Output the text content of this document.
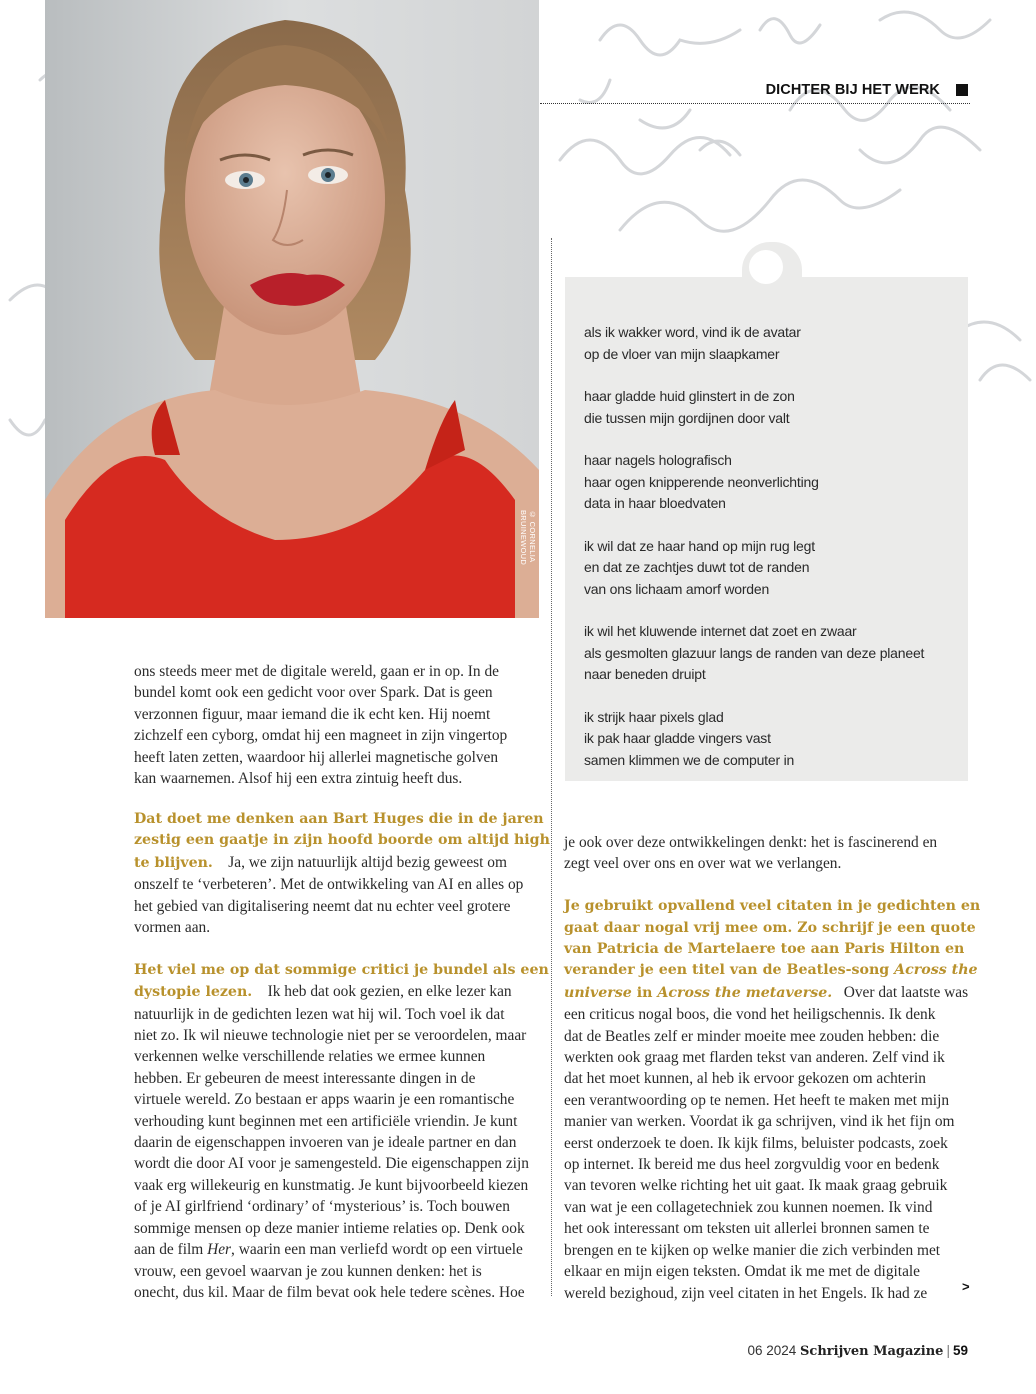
© CORNELIA BRUINEWOUD
DICHTER BIJ HET WERK

als ik wakker word, vind ik de avatar

op de vloer van mijn slaapkamer

haar gladde huid glinstert in de zon

die tussen mijn gordijnen door valt

haar nagels holografisch

haar ogen knipperende neonverlichting

data in haar bloedvaten

ik wil dat ze haar hand op mijn rug legt

en dat ze zachtjes duwt tot de randen

van ons lichaam amorf worden

ik wil het kluwende internet dat zoet en zwaar

als gesmolten glazuur langs de randen van deze planeet

naar beneden druipt

ik strijk haar pixels glad

ik pak haar gladde vingers vast

samen klimmen we de computer in

ons steeds meer met de digitale wereld, gaan er in op. In de

bundel komt ook een gedicht voor over Spark. Dat is geen

verzonnen figuur, maar iemand die ik echt ken. Hij noemt

zichzelf een cyborg, omdat hij een magneet in zijn vingertop

heeft laten zetten, waardoor hij allerlei magnetische golven

kan waarnemen. Alsof hij een extra zintuig heeft dus.

Dat doet me denken aan Bart Huges die in de jaren

zestig een gaatje in zijn hoofd boorde om altijd high

te blijven. Ja, we zijn natuurlijk altijd bezig geweest om

onszelf te ‘verbeteren’. Met de ontwikkeling van AI en alles op

het gebied van digitalisering neemt dat nu echter veel grotere

vormen aan.

Het viel me op dat sommige critici je bundel als een

dystopie lezen. Ik heb dat ook gezien, en elke lezer kan

natuurlijk in de gedichten lezen wat hij wil. Toch voel ik dat

niet zo. Ik wil nieuwe technologie niet per se veroordelen, maar

verkennen welke verschillende relaties we ermee kunnen

hebben. Er gebeuren de meest interessante dingen in de

virtuele wereld. Zo bestaan er apps waarin je een romantische

verhouding kunt beginnen met een artificiële vriendin. Je kunt

daarin de eigenschappen invoeren van je ideale partner en dan

wordt die door AI voor je samengesteld. Die eigenschappen zijn

vaak erg willekeurig en kunstmatig. Je kunt bijvoorbeeld kiezen

of je AI girlfriend ‘ordinary’ of ‘mysterious’ is. Toch bouwen

sommige mensen op deze manier intieme relaties op. Denk ook

aan de film Her, waarin een man verliefd wordt op een virtuele

vrouw, een gevoel waarvan je zou kunnen denken: het is

onecht, dus kil. Maar de film bevat ook hele tedere scènes. Hoe

je ook over deze ontwikkelingen denkt: het is fascinerend en

zegt veel over ons en over wat we verlangen.

Je gebruikt opvallend veel citaten in je gedichten en

gaat daar nogal vrij mee om. Zo schrijf je een quote

van Patricia de Martelaere toe aan Paris Hilton en

verander je een titel van de Beatles-song Across the

universe in Across the metaverse. Over dat laatste was

een criticus nogal boos, die vond het heiligschennis. Ik denk

dat de Beatles zelf er minder moeite mee zouden hebben: die

werkten ook graag met flarden tekst van anderen. Zelf vind ik

dat het moet kunnen, al heb ik ervoor gekozen om achterin

een verantwoording op te nemen. Het heeft te maken met mijn

manier van werken. Voordat ik ga schrijven, vind ik het fijn om

eerst onderzoek te doen. Ik kijk films, beluister podcasts, zoek

op internet. Ik bereid me dus heel zorgvuldig voor en bedenk

van tevoren welke richting het uit gaat. Ik maak graag gebruik

van wat je een collagetechniek zou kunnen noemen. Ik vind

het ook interessant om teksten uit allerlei bronnen samen te

brengen en te kijken op welke manier die zich verbinden met

elkaar en mijn eigen teksten. Omdat ik me met de digitale

wereld bezighoud, zijn veel citaten in het Engels. Ik had ze	>
06 2024 Schrijven Magazine | 59
